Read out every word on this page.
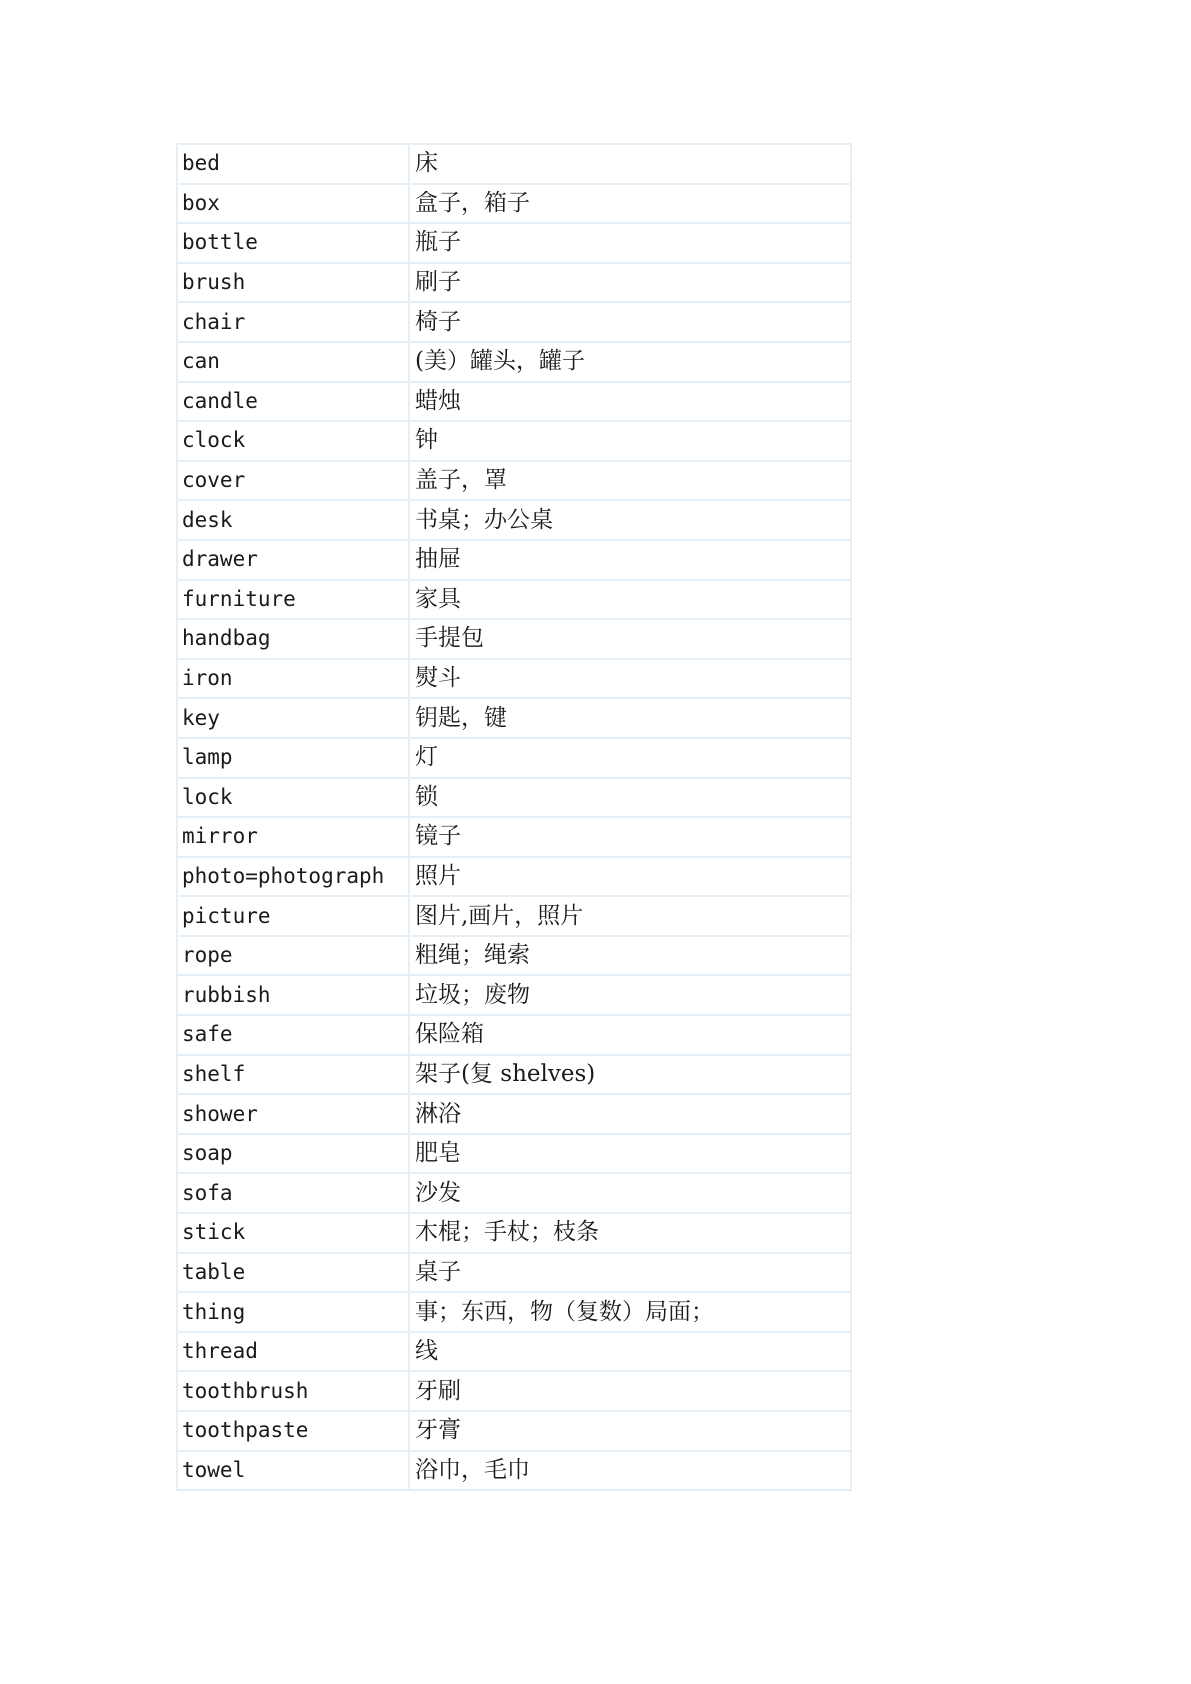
bed	床
box	盒子，箱子
bottle	瓶子
brush	刷子
chair	椅子
can	(美）罐头，罐子
candle	蜡烛
clock	钟
cover	盖子，罩
desk	书桌；办公桌
drawer	抽屉
furniture	家具
handbag	手提包
iron	熨斗
key	钥匙，键
lamp	灯
lock	锁
mirror	镜子
photo=photograph	照片
picture	图片,画片，照片
rope	粗绳；绳索
rubbish	垃圾；废物
safe	保险箱
shelf	架子(复 shelves)
shower	淋浴
soap	肥皂
sofa	沙发
stick	木棍；手杖；枝条
table	桌子
thing	事；东西，物（复数）局面；
thread	线
toothbrush	牙刷
toothpaste	牙膏
towel	浴巾，毛巾
